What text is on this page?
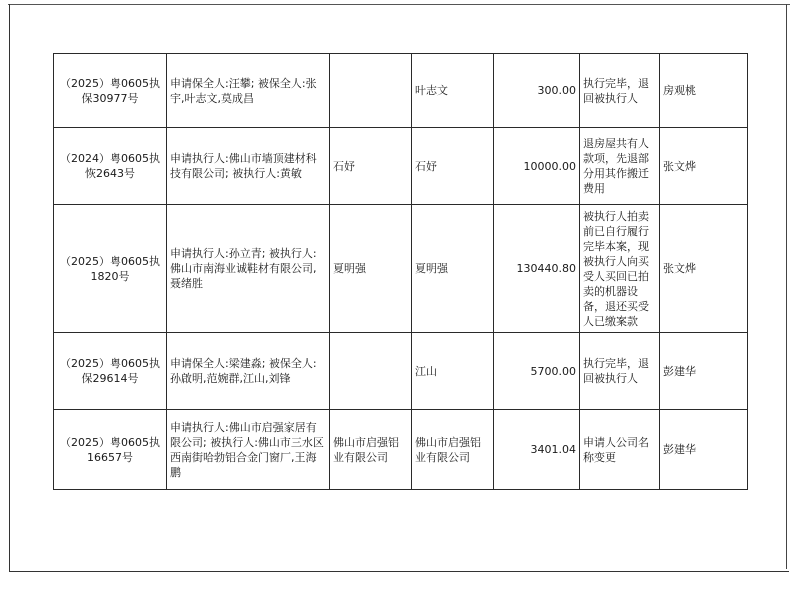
（2025）粤0605执保30977号	申请保全人:汪攀; 被保全人:张宇,叶志文,莫成昌		叶志文	300.00	执行完毕，退回被执行人	房观桃
（2024）粤0605执恢2643号	申请执行人:佛山市墙顶建材科技有限公司; 被执行人:黄敏	石妤	石妤	10000.00	退房屋共有人款项，先退部分用其作搬迁费用	张文烨
（2025）粤0605执1820号	申请执行人:孙立青; 被执行人:佛山市南海业诚鞋材有限公司,聂绪胜	夏明强	夏明强	130440.80	被执行人拍卖前已自行履行完毕本案，现被执行人向买受人买回已拍卖的机器设备，退还买受人已缴案款	张文烨
（2025）粤0605执保29614号	申请保全人:梁建淼; 被保全人:孙啟明,范婉群,江山,刘锋		江山	5700.00	执行完毕，退回被执行人	彭建华
（2025）粤0605执16657号	申请执行人:佛山市启强家居有限公司; 被执行人:佛山市三水区西南街哈勃铝合金门窗厂,王海鹏	佛山市启强铝业有限公司	佛山市启强铝业有限公司	3401.04	申请人公司名称变更	彭建华
